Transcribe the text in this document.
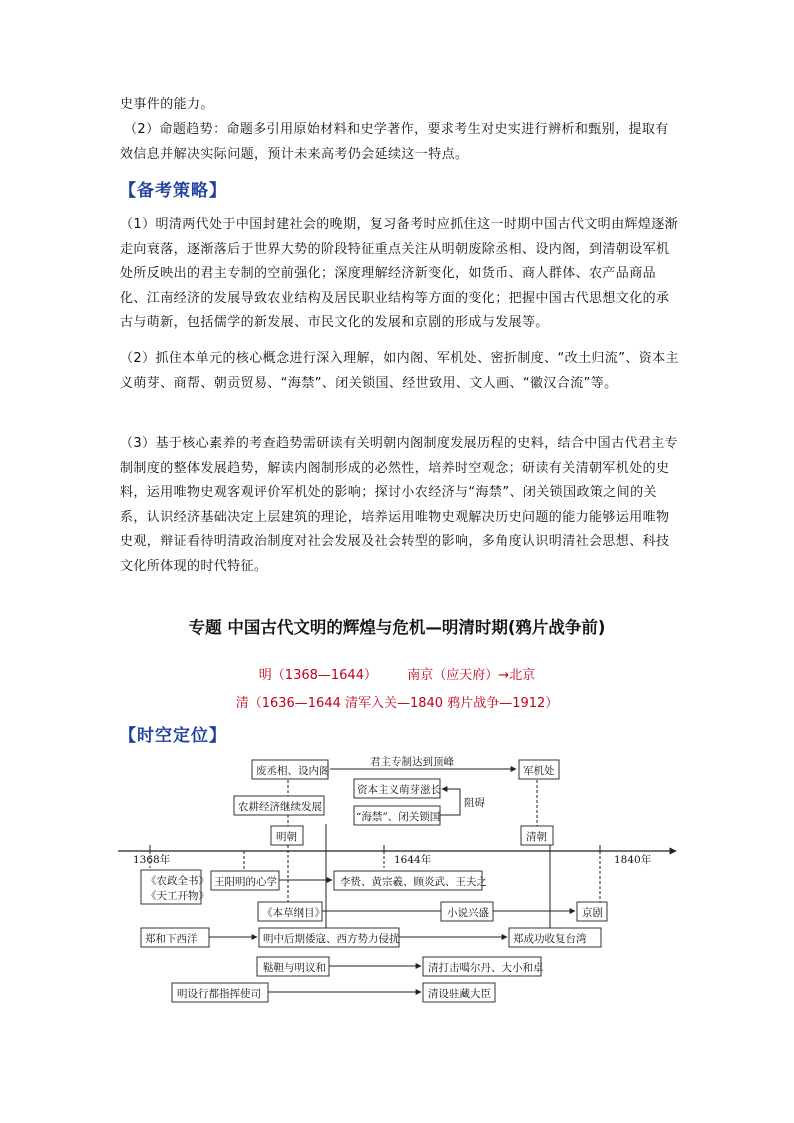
史事件的能力。

（2）命题趋势：命题多引用原始材料和史学著作，要求考生对史实进行辨析和甄别，提取有效信息并解决实际问题，预计未来高考仍会延续这一特点。

【备考策略】

（1）明清两代处于中国封建社会的晚期，复习备考时应抓住这一时期中国古代文明由辉煌逐渐走向衰落，逐渐落后于世界大势的阶段特征重点关注从明朝废除丞相、设内阁，到清朝设军机处所反映出的君主专制的空前强化；深度理解经济新变化，如货币、商人群体、农产品商品化、江南经济的发展导致农业结构及居民职业结构等方面的变化；把握中国古代思想文化的承古与萌新，包括儒学的新发展、市民文化的发展和京剧的形成与发展等。

（2）抓住本单元的核心概念进行深入理解，如内阁、军机处、密折制度、“改土归流”、资本主义萌芽、商帮、朝贡贸易、“海禁”、闭关锁国、经世致用、文人画、“徽汉合流”等。

（3）基于核心素养的考查趋势需研读有关明朝内阁制度发展历程的史料，结合中国古代君主专制制度的整体发展趋势，解读内阁制形成的必然性，培养时空观念；研读有关清朝军机处的史料，运用唯物史观客观评价军机处的影响；探讨小农经济与“海禁”、闭关锁国政策之间的关系，认识经济基础决定上层建筑的理论，培养运用唯物史观解决历史问题的能力能够运用唯物史观，辩证看待明清政治制度对社会发展及社会转型的影响，多角度认识明清社会思想、科技文化所体现的时代特征。

专题 中国古代文明的辉煌与危机—明清时期(鸦片战争前)
明（1368—1644） 南京（应天府）→北京
清（1636—1644 清军入关—1840 鸦片战争—1912）
【时空定位】
1368年	1644年	1840年
废丞相、设内阁
君主专制达到顶峰
军机处
资本主义萌芽滋长
“海禁”、闭关锁国
阻碍
农耕经济继续发展
明朝	清朝
《农政全书》
《天工开物》
王阳明的心学	李贽、黄宗羲、顾炎武、王夫之
《本草纲目》	小说兴盛	京剧
郑和下西洋	明中后期倭寇、西方势力侵扰	郑成功收复台湾
鞑靼与明议和	清打击噶尔丹、大小和卓
明设行都指挥使司	清设驻藏大臣
